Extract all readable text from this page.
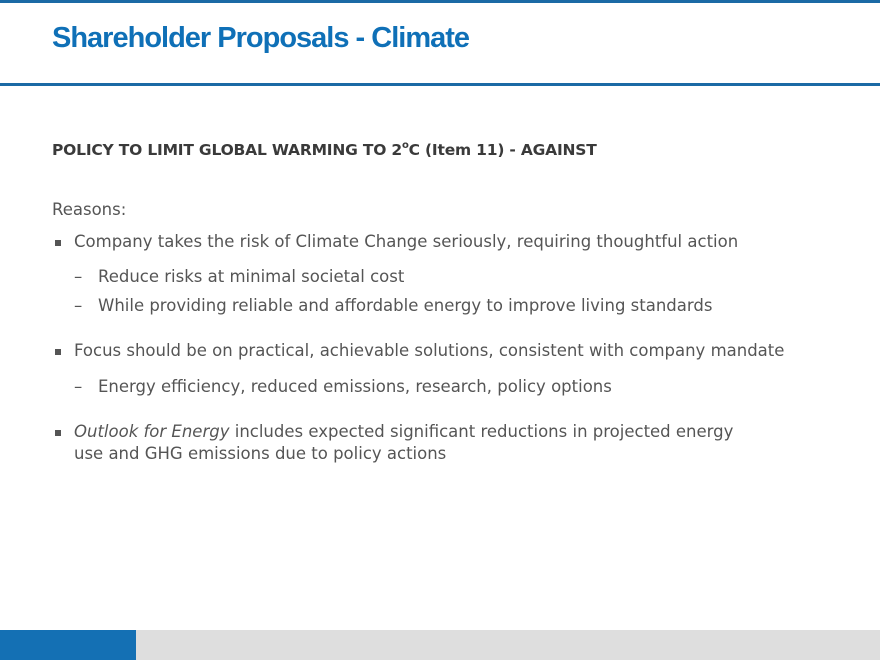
Shareholder Proposals - Climate
POLICY TO LIMIT GLOBAL WARMING TO 2$^o$C (Item 11) - AGAINST
Reasons:
Company takes the risk of Climate Change seriously, requiring thoughtful action
– Reduce risks at minimal societal cost
– While providing reliable and affordable energy to improve living standards
Focus should be on practical, achievable solutions, consistent with company mandate
– Energy efficiency, reduced emissions, research, policy options
Outlook for Energy includes expected significant reductions in projected energy
use and GHG emissions due to policy actions
